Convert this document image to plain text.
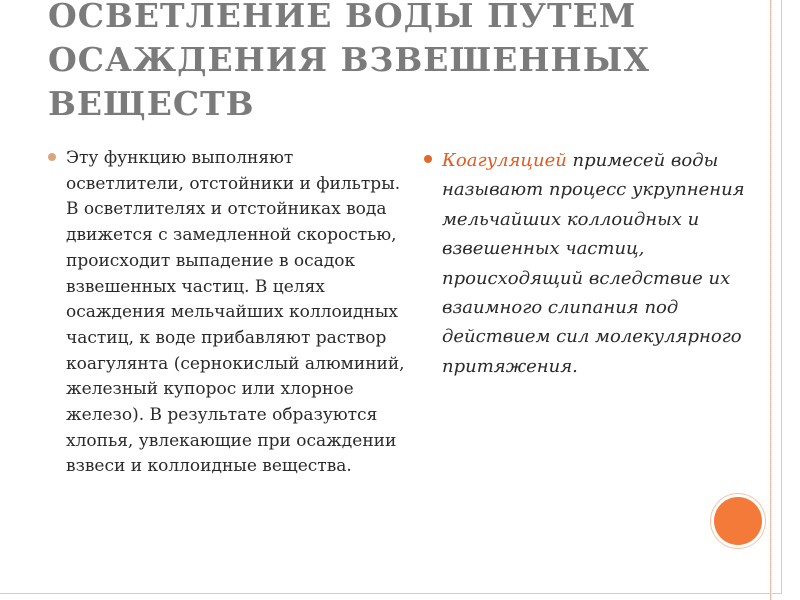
ОСВЕТЛЕНИЕ ВОДЫ ПУТЕМ ОСАЖДЕНИЯ ВЗВЕШЕННЫХ ВЕЩЕСТВ

Эту функцию выполняют осветлители, отстойники и фильтры. В осветлителях и отстойниках вода движется с замедленной скоростью, происходит выпадение в осадок взвешенных частиц. В целях осаждения мельчайших коллоидных частиц, к воде прибавляют раствор коагулянта (сернокислый алюминий, железный купорос или хлорное железо). В результате образуются хлопья, увлекающие при осаждении взвеси и коллоидные вещества.

Коагуляцией примесей воды называют процесс укрупнения мельчайших коллоидных и взвешенных частиц, происходящий вследствие их взаимного слипания под действием сил молекулярного притяжения.
